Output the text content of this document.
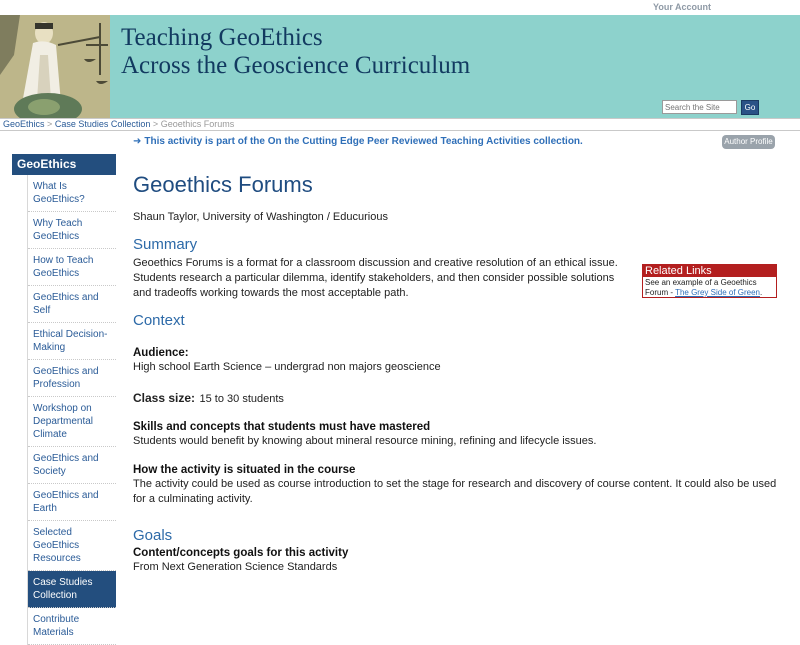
Your Account
Teaching GeoEthics
Across the Geoscience Curriculum
Search the Site
Go
GeoEthics > Case Studies Collection > Geoethics Forums
➜ This activity is part of the On the Cutting Edge Peer Reviewed Teaching Activities collection.	Author Profile
GeoEthics
What Is GeoEthics?
Why Teach GeoEthics
How to Teach GeoEthics
GeoEthics and Self
Ethical Decision-Making
GeoEthics and Profession
Workshop on Departmental Climate
GeoEthics and Society
GeoEthics and Earth
Selected GeoEthics Resources
Case Studies Collection
Contribute Materials
Geoethics Forums
Shaun Taylor, University of Washington / Educurious
Summary

Geoethics Forums is a format for a classroom discussion and creative resolution of an ethical issue. Students research a particular dilemma, identify stakeholders, and then consider possible solutions and tradeoffs working towards the most acceptable path.

Context
Audience:

High school Earth Science – undergrad non majors geoscience

Class size: 15 to 30 students
Skills and concepts that students must have mastered

Students would benefit by knowing about mineral resource mining, refining and lifecycle issues.

How the activity is situated in the course

The activity could be used as course introduction to set the stage for research and discovery of course content. It could also be used for a culminating activity.

Goals
Content/concepts goals for this activity

From Next Generation Science Standards

Related Links
See an example of a Geoethics Forum - The Grey Side of Green.
